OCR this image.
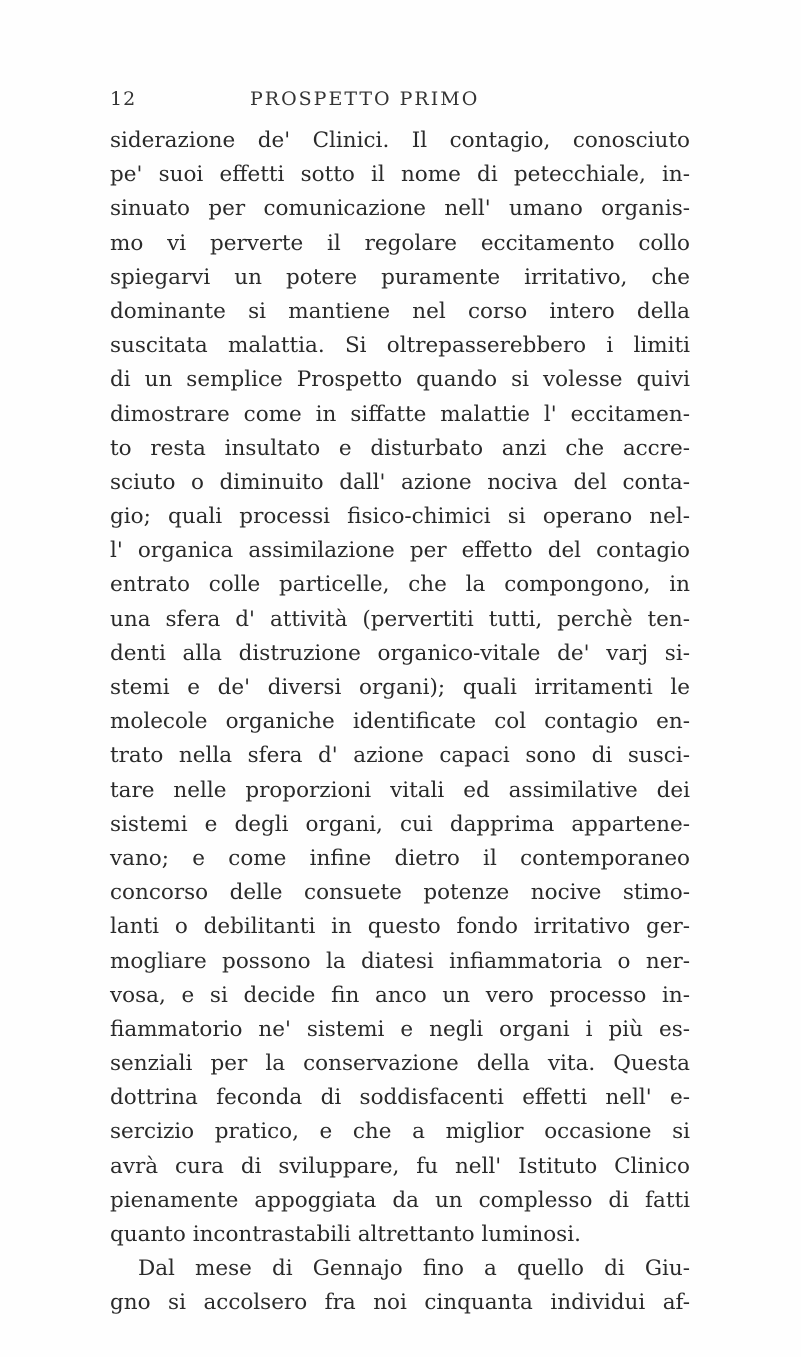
12	PROSPETTO PRIMO
siderazione de' Clinici. Il contagio, conosciuto
pe' suoi effetti sotto il nome di petecchiale, in-
sinuato per comunicazione nell' umano organis-
mo vi perverte il regolare eccitamento collo
spiegarvi un potere puramente irritativo, che
dominante si mantiene nel corso intero della
suscitata malattia. Si oltrepasserebbero i limiti
di un semplice Prospetto quando si volesse quivi
dimostrare come in siffatte malattie l' eccitamen-
to resta insultato e disturbato anzi che accre-
sciuto o diminuito dall' azione nociva del conta-
gio; quali processi fisico-chimici si operano nel-
l' organica assimilazione per effetto del contagio
entrato colle particelle, che la compongono, in
una sfera d' attività (pervertiti tutti, perchè ten-
denti alla distruzione organico-vitale de' varj si-
stemi e de' diversi organi); quali irritamenti le
molecole organiche identificate col contagio en-
trato nella sfera d' azione capaci sono di susci-
tare nelle proporzioni vitali ed assimilative dei
sistemi e degli organi, cui dapprima appartene-
vano; e come infine dietro il contemporaneo
concorso delle consuete potenze nocive stimo-
lanti o debilitanti in questo fondo irritativo ger-
mogliare possono la diatesi infiammatoria o ner-
vosa, e si decide fin anco un vero processo in-
fiammatorio ne' sistemi e negli organi i più es-
senziali per la conservazione della vita. Questa
dottrina feconda di soddisfacenti effetti nell' e-
sercizio pratico, e che a miglior occasione si
avrà cura di sviluppare, fu nell' Istituto Clinico
pienamente appoggiata da un complesso di fatti
quanto incontrastabili altrettanto luminosi.
Dal mese di Gennajo fino a quello di Giu-
gno si accolsero fra noi cinquanta individui af-
